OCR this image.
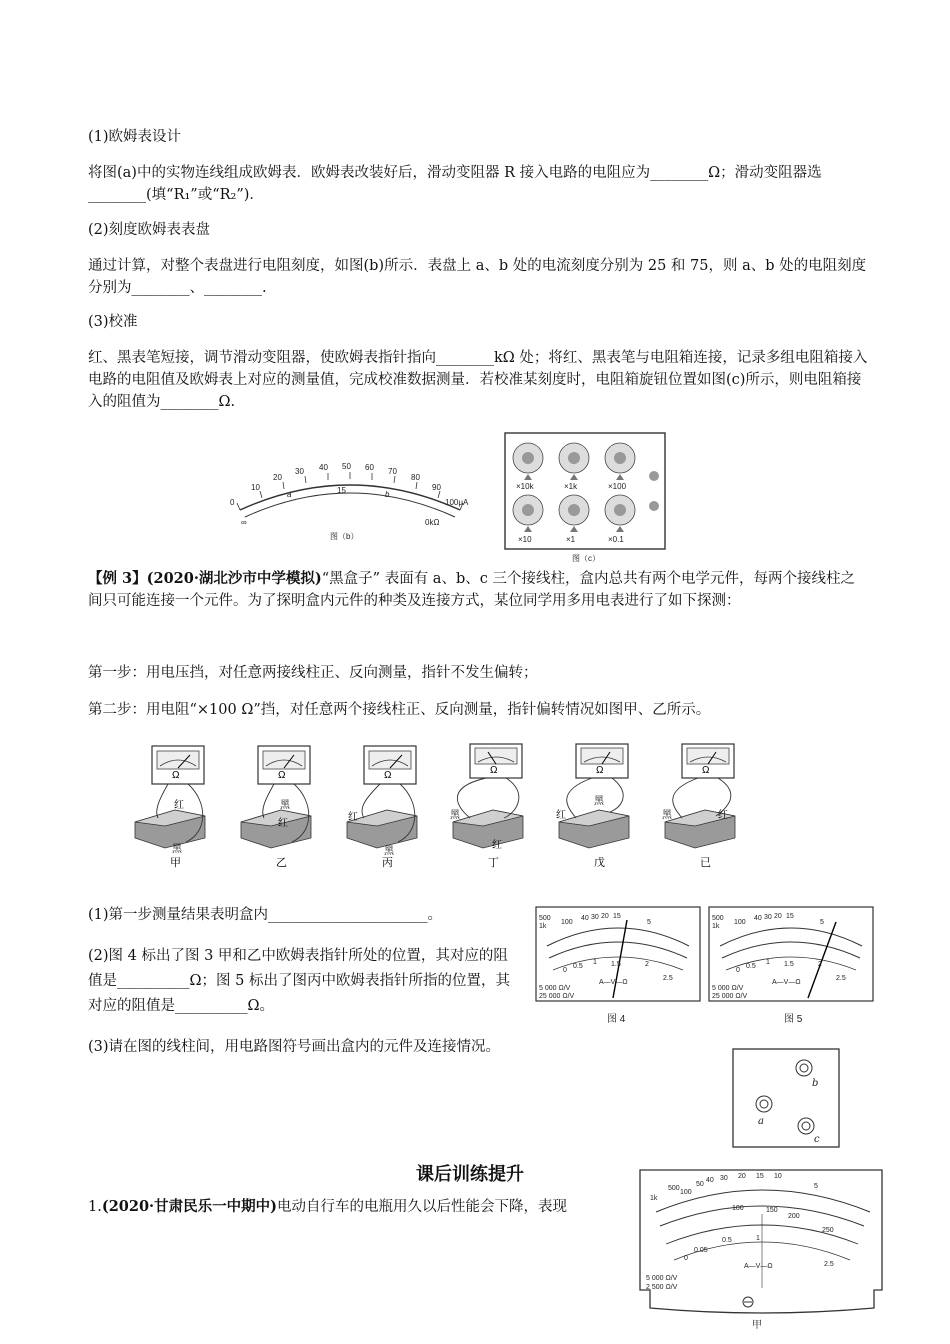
(1)欧姆表设计
将图(a)中的实物连线组成欧姆表．欧姆表改装好后，滑动变阻器 R 接入电路的电阻应为________Ω；滑动变阻器选________(填“R₁”或“R₂”)．
(2)刻度欧姆表表盘
通过计算，对整个表盘进行电阻刻度，如图(b)所示．表盘上 a、b 处的电流刻度分别为 25 和 75，则 a、b 处的电阻刻度分别为________、________.
(3)校准
红、黑表笔短接，调节滑动变阻器，使欧姆表指针指向________kΩ 处；将红、黑表笔与电阻箱连接，记录多组电阻箱接入电路的电阻值及欧姆表上对应的测量值，完成校准数据测量．若校准某刻度时，电阻箱旋钮位置如图(c)所示，则电阻箱接入的阻值为________Ω.
0
10
20
30 40 50 60 70
80
90
100μA
15
a	b
∞	0kΩ
图（b）
×10k	×1k	×100
×10	×1	×0.1
图（c）
【例 3】(2020·湖北沙市中学模拟)“黑盒子” 表面有 a、b、c 三个接线柱，盒内总共有两个电学元件，每两个接线柱之间只可能连接一个元件。为了探明盒内元件的种类及连接方式，某位同学用多用电表进行了如下探测：
第一步：用电压挡，对任意两接线柱正、反向测量，指针不发生偏转；
第二步：用电阻“×100 Ω”挡，对任意两个接线柱正、反向测量，指针偏转情况如图甲、乙所示。
Ω
红
黑
甲
Ω
黑
红
乙
Ω
红
黑
丙
Ω
黑
红
丁
Ω
红
黑
戊
Ω
黑	红
已
(1)第一步测量结果表明盒内______________________。
(2)图 4 标出了图 3 甲和乙中欧姆表指针所处的位置，其对应的阻值是__________Ω；图 5 标出了图丙中欧姆表指针所指的位置，其对应的阻值是__________Ω。
(3)请在图的线柱间，用电路图符号画出盒内的元件及连接情况。
500
1k
100
40 30 20 15
5
0
0.5
1 1.5	2
2.5
A—V—Ω
5 000 Ω/V
25 000 Ω/V
图 4
500
1k
100
40 30 20 15
5
0
0.5
1 1.5	2
2.5
A—V—Ω
5 000 Ω/V
25 000 Ω/V
图 5
b
a
c
课后训练提升
1.(2020·甘肃民乐一中期中)电动自行车的电瓶用久以后性能会下降，表现
500
1k
100
50
40 30 20 15 10
5
100	150
200
250
0
0.05
0.5	1
2.5
A—V—Ω
5 000 Ω/V
2 500 Ω/V
甲
